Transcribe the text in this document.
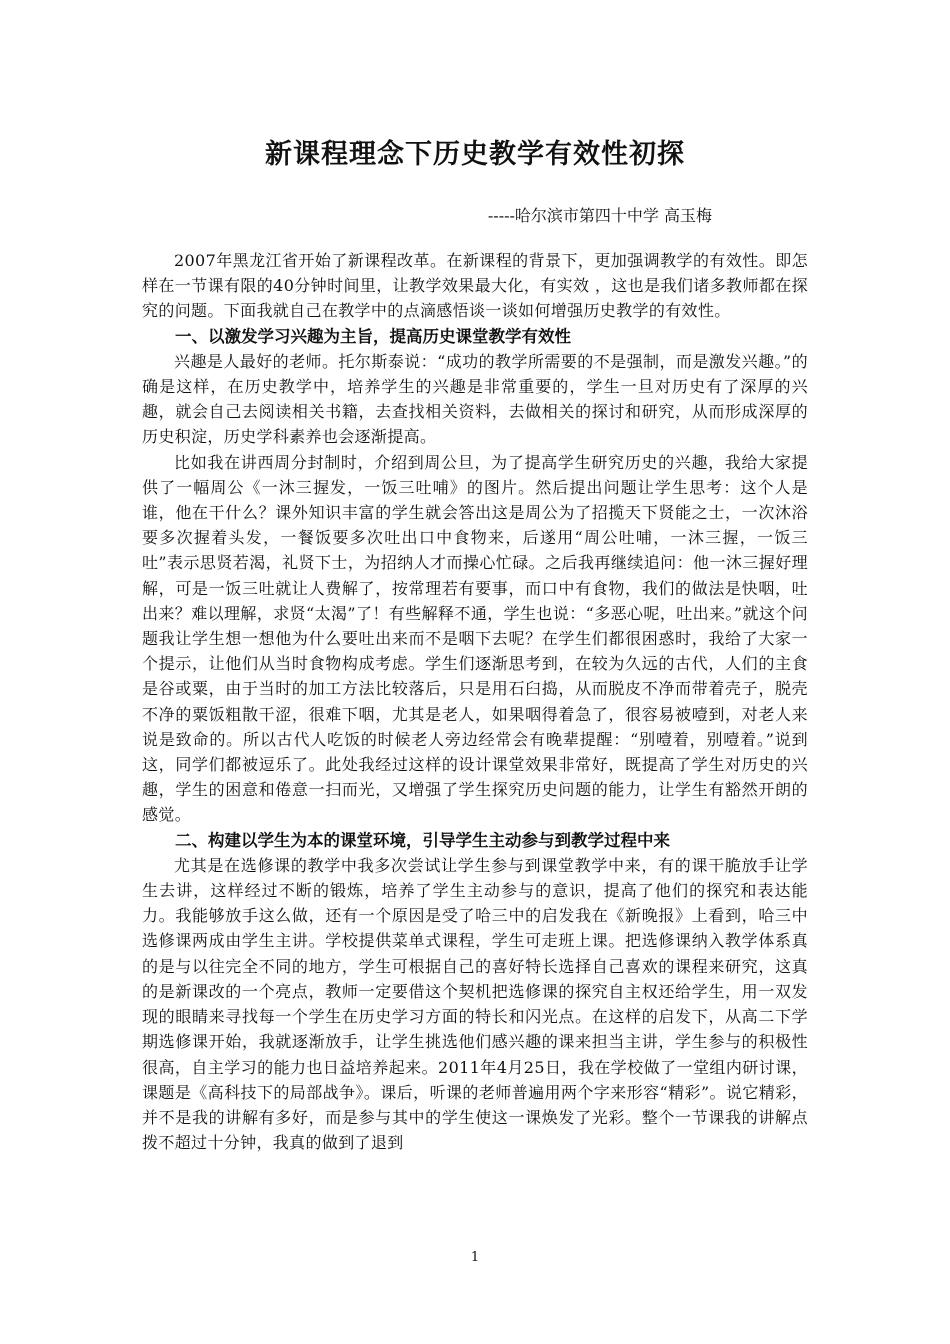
新课程理念下历史教学有效性初探

-----哈尔滨市第四十中学 高玉梅

2007年黑龙江省开始了新课程改革。在新课程的背景下，更加强调教学的有效性。即怎样在一节课有限的40分钟时间里，让教学效果最大化，有实效 ，这也是我们诸多教师都在探究的问题。下面我就自己在教学中的点滴感悟谈一谈如何增强历史教学的有效性。

一、以激发学习兴趣为主旨，提高历史课堂教学有效性

兴趣是人最好的老师。托尔斯泰说：“成功的教学所需要的不是强制，而是激发兴趣。”的确是这样，在历史教学中，培养学生的兴趣是非常重要的，学生一旦对历史有了深厚的兴趣，就会自己去阅读相关书籍，去查找相关资料，去做相关的探讨和研究，从而形成深厚的历史积淀，历史学科素养也会逐渐提高。

比如我在讲西周分封制时，介绍到周公旦，为了提高学生研究历史的兴趣，我给大家提供了一幅周公《一沐三握发，一饭三吐哺》的图片。然后提出问题让学生思考：这个人是谁，他在干什么？课外知识丰富的学生就会答出这是周公为了招揽天下贤能之士，一次沐浴要多次握着头发，一餐饭要多次吐出口中食物来，后遂用“周公吐哺，一沐三握，一饭三吐”表示思贤若渴，礼贤下士，为招纳人才而操心忙碌。之后我再继续追问：他一沐三握好理解，可是一饭三吐就让人费解了，按常理若有要事，而口中有食物，我们的做法是快咽，吐出来？难以理解，求贤“太渴”了！有些解释不通，学生也说：“多恶心呢，吐出来。”就这个问题我让学生想一想他为什么要吐出来而不是咽下去呢？在学生们都很困惑时，我给了大家一个提示，让他们从当时食物构成考虑。学生们逐渐思考到，在较为久远的古代，人们的主食是谷或粟，由于当时的加工方法比较落后，只是用石臼捣，从而脱皮不净而带着壳子，脱壳不净的粟饭粗散干涩，很难下咽，尤其是老人，如果咽得着急了，很容易被噎到，对老人来说是致命的。所以古代人吃饭的时候老人旁边经常会有晚辈提醒：“别噎着，别噎着。”说到这，同学们都被逗乐了。此处我经过这样的设计课堂效果非常好，既提高了学生对历史的兴趣，学生的困意和倦意一扫而光，又增强了学生探究历史问题的能力，让学生有豁然开朗的感觉。

二、构建以学生为本的课堂环境，引导学生主动参与到教学过程中来

尤其是在选修课的教学中我多次尝试让学生参与到课堂教学中来，有的课干脆放手让学生去讲，这样经过不断的锻炼，培养了学生主动参与的意识，提高了他们的探究和表达能力。我能够放手这么做，还有一个原因是受了哈三中的启发我在《新晚报》上看到，哈三中选修课两成由学生主讲。学校提供菜单式课程，学生可走班上课。把选修课纳入教学体系真的是与以往完全不同的地方，学生可根据自己的喜好特长选择自己喜欢的课程来研究，这真的是新课改的一个亮点，教师一定要借这个契机把选修课的探究自主权还给学生，用一双发现的眼睛来寻找每一个学生在历史学习方面的特长和闪光点。在这样的启发下，从高二下学期选修课开始，我就逐渐放手，让学生挑选他们感兴趣的课来担当主讲，学生参与的积极性很高，自主学习的能力也日益培养起来。2011年4月25日，我在学校做了一堂组内研讨课，课题是《高科技下的局部战争》。课后，听课的老师普遍用两个字来形容“精彩”。说它精彩，并不是我的讲解有多好，而是参与其中的学生使这一课焕发了光彩。整个一节课我的讲解点拨不超过十分钟，我真的做到了退到

1
